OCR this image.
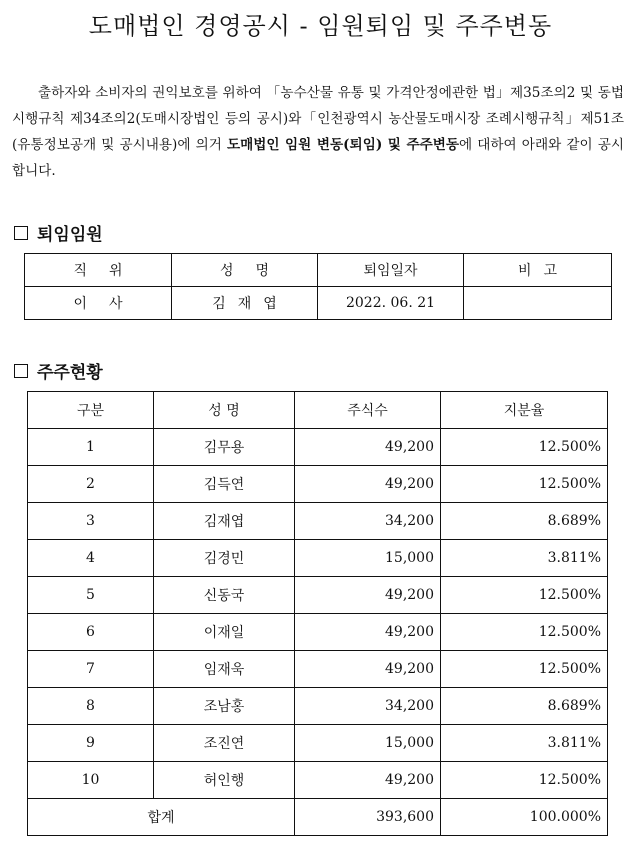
도매법인 경영공시 - 임원퇴임 및 주주변동
출하자와 소비자의 권익보호를 위하여 「농수산물 유통 및 가격안정에관한 법」제35조의2 및 동법 시행규칙 제34조의2(도매시장법인 등의 공시)와「인천광역시 농산물도매시장 조례시행규칙」제51조(유통정보공개 및 공시내용)에 의거 도매법인 임원 변동(퇴임) 및 주주변동에 대하여 아래와 같이 공시합니다.
퇴임임원
직위	성명	퇴임일자	비고
이사	김재엽	2022. 06. 21	
주주현황
구분	성 명	주식수	지분율
1	김무용	49,200	12.500%
2	김득연	49,200	12.500%
3	김재엽	34,200	8.689%
4	김경민	15,000	3.811%
5	신동국	49,200	12.500%
6	이재일	49,200	12.500%
7	임재욱	49,200	12.500%
8	조남홍	34,200	8.689%
9	조진연	15,000	3.811%
10	허인행	49,200	12.500%
합계		393,600	100.000%
